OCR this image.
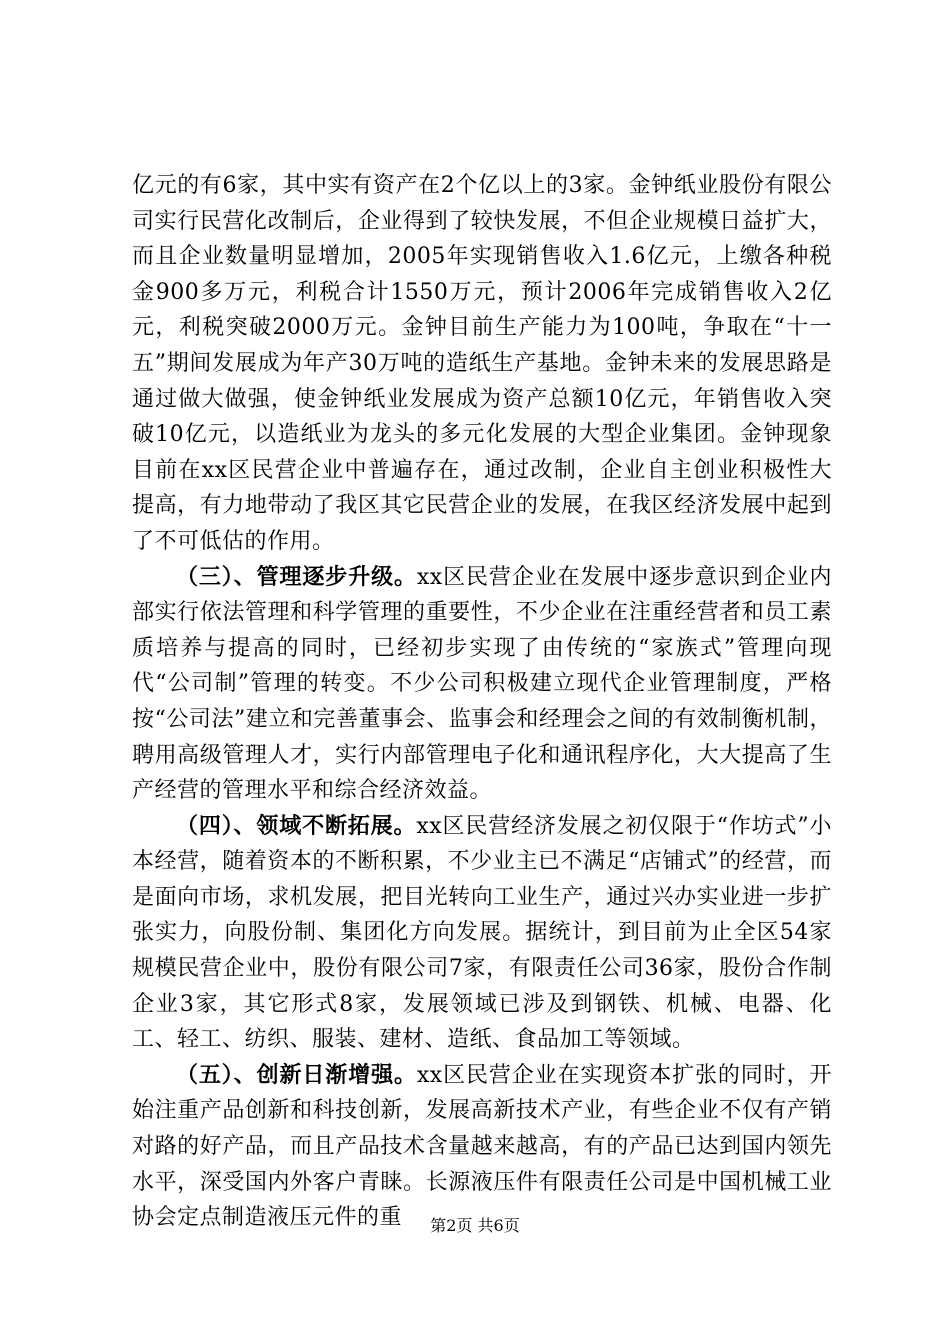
亿元的有6家，其中实有资产在2个亿以上的3家。金钟纸业股份有限公司实行民营化改制后，企业得到了较快发展，不但企业规模日益扩大，而且企业数量明显增加，2005年实现销售收入1.6亿元，上缴各种税金900多万元，利税合计1550万元，预计2006年完成销售收入2亿元，利税突破2000万元。金钟目前生产能力为100吨，争取在“十一五”期间发展成为年产30万吨的造纸生产基地。金钟未来的发展思路是通过做大做强，使金钟纸业发展成为资产总额10亿元，年销售收入突破10亿元，以造纸业为龙头的多元化发展的大型企业集团。金钟现象目前在xx区民营企业中普遍存在，通过改制，企业自主创业积极性大提高，有力地带动了我区其它民营企业的发展，在我区经济发展中起到了不可低估的作用。

（三）、管理逐步升级。xx区民营企业在发展中逐步意识到企业内部实行依法管理和科学管理的重要性，不少企业在注重经营者和员工素质培养与提高的同时，已经初步实现了由传统的“家族式”管理向现代“公司制”管理的转变。不少公司积极建立现代企业管理制度，严格按“公司法”建立和完善董事会、监事会和经理会之间的有效制衡机制，聘用高级管理人才，实行内部管理电子化和通讯程序化，大大提高了生产经营的管理水平和综合经济效益。

（四）、领域不断拓展。xx区民营经济发展之初仅限于“作坊式”小本经营，随着资本的不断积累，不少业主已不满足“店铺式”的经营，而是面向市场，求机发展，把目光转向工业生产，通过兴办实业进一步扩张实力，向股份制、集团化方向发展。据统计，到目前为止全区54家规模民营企业中，股份有限公司7家，有限责任公司36家，股份合作制企业3家，其它形式8家，发展领域已涉及到钢铁、机械、电器、化工、轻工、纺织、服装、建材、造纸、食品加工等领域。

（五）、创新日渐增强。xx区民营企业在实现资本扩张的同时，开始注重产品创新和科技创新，发展高新技术产业，有些企业不仅有产销对路的好产品，而且产品技术含量越来越高，有的产品已达到国内领先水平，深受国内外客户青睐。长源液压件有限责任公司是中国机械工业协会定点制造液压元件的重	第2页 共6页
